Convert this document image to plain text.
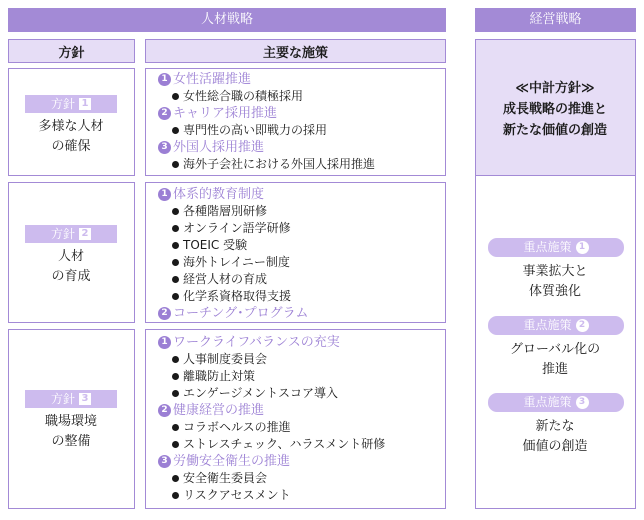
人材戦略	経営戦略
方針	主要な施策
方針 1
多様な人材
の確保
方針 2
人材
の育成
方針 3
職場環境
の整備
1 女性活躍推進
女性総合職の積極採用
2 キャリア採用推進
専門性の高い即戦力の採用
3 外国人採用推進
海外子会社における外国人採用推進
1 体系的教育制度
各種階層別研修
オンライン語学研修
TOEIC 受験
海外トレイニー制度
経営人材の育成
化学系資格取得支援
2 コーチング･プログラム
1 ワークライフバランスの充実
人事制度委員会
離職防止対策
エンゲージメントスコア導入
2 健康経営の推進
コラボヘルスの推進
ストレスチェック、ハラスメント研修
3 労働安全衛生の推進
安全衛生委員会
リスクアセスメント
≪中計方針≫
成長戦略の推進と
新たな価値の創造
重点施策 1
事業拡大と
体質強化
重点施策 2
グローバル化の
推進
重点施策 3
新たな
価値の創造
